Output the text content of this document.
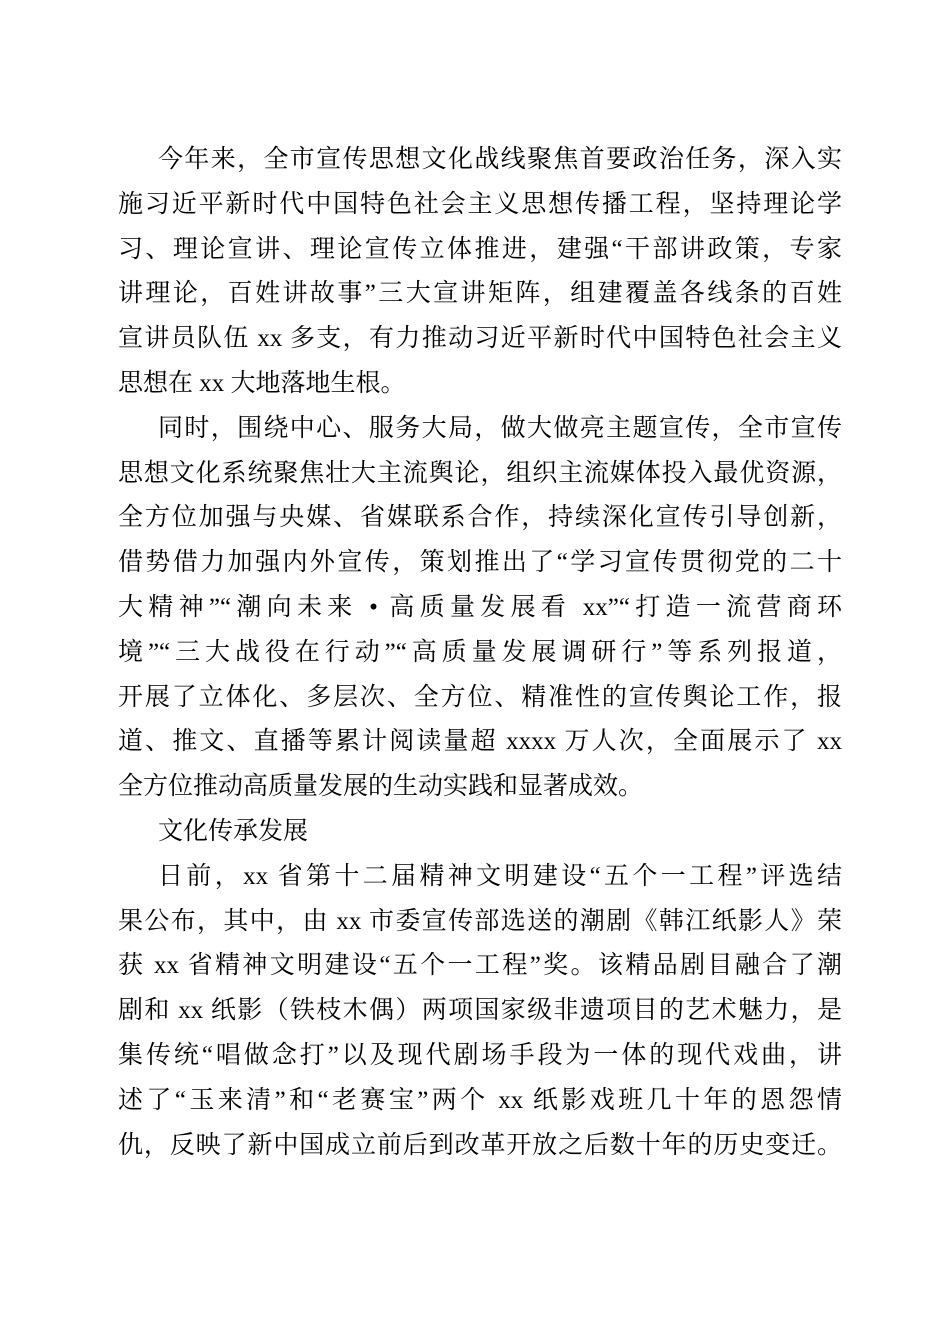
今年来，全市宣传思想文化战线聚焦首要政治任务，深入实
施习近平新时代中国特色社会主义思想传播工程，坚持理论学
习、理论宣讲、理论宣传立体推进，建强“干部讲政策，专家
讲理论，百姓讲故事”三大宣讲矩阵，组建覆盖各线条的百姓
宣讲员队伍 xx 多支，有力推动习近平新时代中国特色社会主义
思想在 xx 大地落地生根。
同时，围绕中心、服务大局，做大做亮主题宣传，全市宣传
思想文化系统聚焦壮大主流舆论，组织主流媒体投入最优资源，
全方位加强与央媒、省媒联系合作，持续深化宣传引导创新，
借势借力加强内外宣传，策划推出了“学习宣传贯彻党的二十
大精神”“潮向未来 • 高质量发展看 xx”“打造一流营商环
境”“三大战役在行动”“高质量发展调研行”等系列报道，
开展了立体化、多层次、全方位、精准性的宣传舆论工作，报
道、推文、直播等累计阅读量超 xxxx 万人次，全面展示了 xx
全方位推动高质量发展的生动实践和显著成效。
文化传承发展
日前，xx 省第十二届精神文明建设“五个一工程”评选结
果公布，其中，由 xx 市委宣传部选送的潮剧《韩江纸影人》荣
获 xx 省精神文明建设“五个一工程”奖。该精品剧目融合了潮
剧和 xx 纸影（铁枝木偶）两项国家级非遗项目的艺术魅力，是
集传统“唱做念打”以及现代剧场手段为一体的现代戏曲，讲
述了“玉来清”和“老赛宝”两个 xx 纸影戏班几十年的恩怨情
仇，反映了新中国成立前后到改革开放之后数十年的历史变迁。
